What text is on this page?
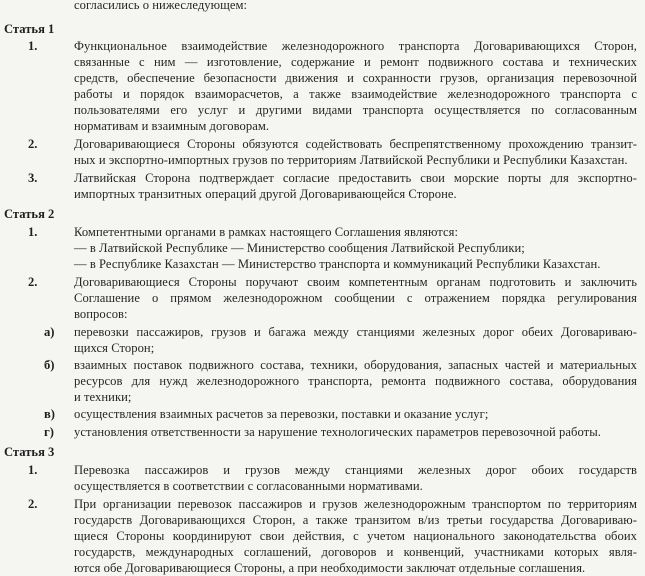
согласились о нижеследующем:
Статья 1
1.	Функциональное взаимодействие железнодорожного транспорта Договаривающихся Сторон,
связанные с ним — изготовление, содержание и ремонт подвижного состава и технических
средств, обеспечение безопасности движения и сохранности грузов, организация перевозочной
работы и порядок взаиморасчетов, а также взаимодействие железнодорожного транспорта с
пользователями его услуг и другими видами транспорта осуществляется по согласованным
нормативам и взаимным договорам.
2.	Договаривающиеся Стороны обязуются содействовать беспрепятственному прохождению транзит-
ных и экспортно-импортных грузов по территориям Латвийской Республики и Республики Казахстан.
3.	Латвийская Сторона подтверждает согласие предоставить свои морские порты для экспортно-
импортных транзитных операций другой Договаривающейся Стороне.
Статья 2
1.	Компетентными органами в рамках настоящего Соглашения являются:
— в Латвийской Республике — Министерство сообщения Латвийской Республики;
— в Республике Казахстан — Министерство транспорта и коммуникаций Республики Казахстан.
2.	Договаривающиеся Стороны поручают своим компетентным органам подготовить и заключить
Соглашение о прямом железнодорожном сообщении с отражением порядка регулирования
вопросов:
а) перевозки пассажиров, грузов и багажа между станциями железных дорог обеих Договариваю-
щихся Сторон;
б) взаимных поставок подвижного состава, техники, оборудования, запасных частей и материальных
ресурсов для нужд железнодорожного транспорта, ремонта подвижного состава, оборудования
и техники;
в) осуществления взаимных расчетов за перевозки, поставки и оказание услуг;
г) установления ответственности за нарушение технологических параметров перевозочной работы.
Статья 3
1.	Перевозка пассажиров и грузов между станциями железных дорог обоих государств
осуществляется в соответствии с согласованными нормативами.
2.	При организации перевозок пассажиров и грузов железнодорожным транспортом по территориям
государств Договаривающихся Сторон, а также транзитом в/из третьи государства Договариваю-
щиеся Стороны координируют свои действия, с учетом национального законодательства обоих
государств, международных соглашений, договоров и конвенций, участниками которых явля-
ются обе Договаривающиеся Стороны, а при необходимости заключат отдельные соглашения.
